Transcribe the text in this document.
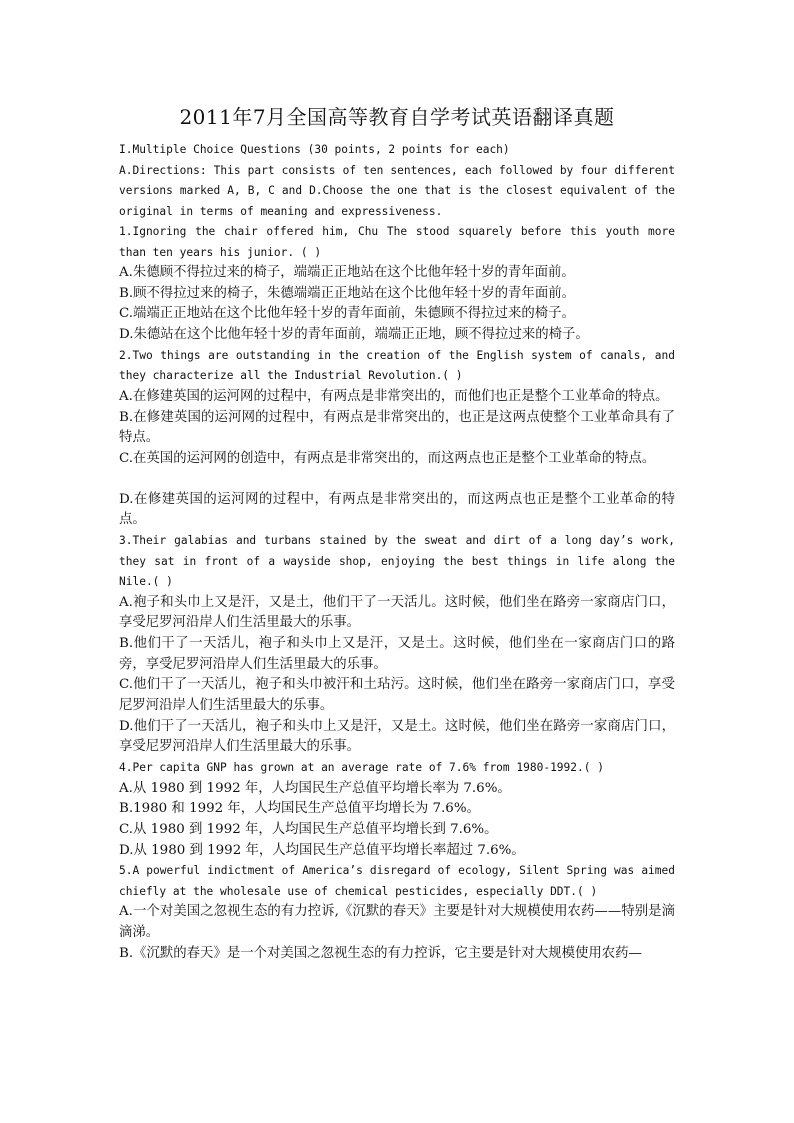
2011年7月全国高等教育自学考试英语翻译真题

I.Multiple Choice Questions (30 points, 2 points for each)

A.Directions: This part consists of ten sentences, each followed by four different versions marked A, B, C and D.Choose the one that is the closest equivalent of the original in terms of meaning and expressiveness.

1.Ignoring the chair offered him, Chu The stood squarely before this youth more than ten years his junior. ( )

A.朱德顾不得拉过来的椅子，端端正正地站在这个比他年轻十岁的青年面前。

B.顾不得拉过来的椅子，朱德端端正正地站在这个比他年轻十岁的青年面前。

C.端端正正地站在这个比他年轻十岁的青年面前，朱德顾不得拉过来的椅子。

D.朱德站在这个比他年轻十岁的青年面前，端端正正地，顾不得拉过来的椅子。

2.Two things are outstanding in the creation of the English system of canals, and they characterize all the Industrial Revolution.( )

A.在修建英国的运河网的过程中，有两点是非常突出的，而他们也正是整个工业革命的特点。

B.在修建英国的运河网的过程中，有两点是非常突出的，也正是这两点使整个工业革命具有了特点。

C.在英国的运河网的创造中，有两点是非常突出的，而这两点也正是整个工业革命的特点。

D.在修建英国的运河网的过程中，有两点是非常突出的，而这两点也正是整个工业革命的特点。

3.Their galabias and turbans stained by the sweat and dirt of a long day’s work, they sat in front of a wayside shop, enjoying the best things in life along the Nile.( )

A.袍子和头巾上又是汗，又是土，他们干了一天活儿。这时候，他们坐在路旁一家商店门口，享受尼罗河沿岸人们生活里最大的乐事。

B.他们干了一天活儿，袍子和头巾上又是汗，又是土。这时候，他们坐在一家商店门口的路旁，享受尼罗河沿岸人们生活里最大的乐事。

C.他们干了一天活儿，袍子和头巾被汗和土玷污。这时候，他们坐在路旁一家商店门口，享受尼罗河沿岸人们生活里最大的乐事。

D.他们干了一天活儿，袍子和头巾上又是汗，又是土。这时候，他们坐在路旁一家商店门口，享受尼罗河沿岸人们生活里最大的乐事。

4.Per capita GNP has grown at an average rate of 7.6% from 1980-1992.( )

A.从 1980 到 1992 年，人均国民生产总值平均增长率为 7.6%。

B.1980 和 1992 年，人均国民生产总值平均增长为 7.6%。

C.从 1980 到 1992 年，人均国民生产总值平均增长到 7.6%。

D.从 1980 到 1992 年，人均国民生产总值平均增长率超过 7.6%。

5.A powerful indictment of America’s disregard of ecology, Silent Spring was aimed chiefly at the wholesale use of chemical pesticides, especially DDT.( )

A.一个对美国之忽视生态的有力控诉,《沉默的春天》主要是针对大规模使用农药——特别是滴滴涕。

B.《沉默的春天》是一个对美国之忽视生态的有力控诉，它主要是针对大规模使用农药—
